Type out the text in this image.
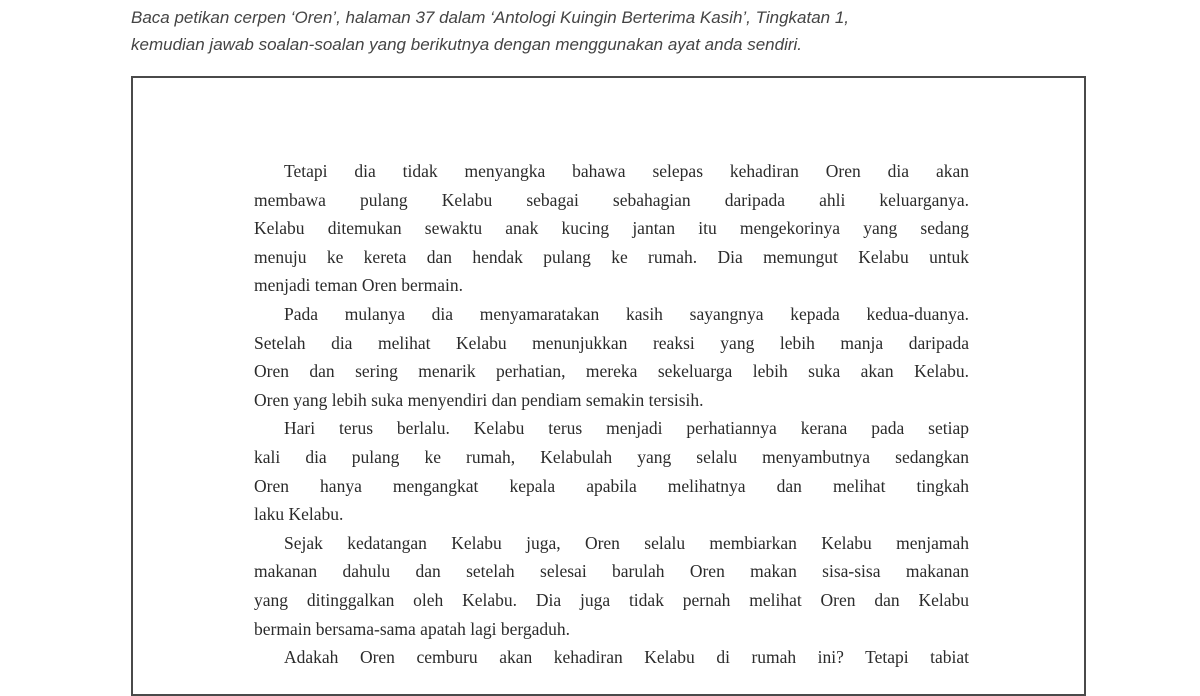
Baca petikan cerpen ‘Oren’, halaman 37 dalam ‘Antologi Kuingin Berterima Kasih’, Tingkatan 1,

kemudian jawab soalan-soalan yang berikutnya dengan menggunakan ayat anda sendiri.

Tetapi dia tidak menyangka bahawa selepas kehadiran Oren dia akan
membawa pulang Kelabu sebagai sebahagian daripada ahli keluarganya.
Kelabu ditemukan sewaktu anak kucing jantan itu mengekorinya yang sedang
menuju ke kereta dan hendak pulang ke rumah. Dia memungut Kelabu untuk
menjadi teman Oren bermain.
Pada mulanya dia menyamaratakan kasih sayangnya kepada kedua-duanya.
Setelah dia melihat Kelabu menunjukkan reaksi yang lebih manja daripada
Oren dan sering menarik perhatian, mereka sekeluarga lebih suka akan Kelabu.
Oren yang lebih suka menyendiri dan pendiam semakin tersisih.
Hari terus berlalu. Kelabu terus menjadi perhatiannya kerana pada setiap
kali dia pulang ke rumah, Kelabulah yang selalu menyambutnya sedangkan
Oren hanya mengangkat kepala apabila melihatnya dan melihat tingkah
laku Kelabu.
Sejak kedatangan Kelabu juga, Oren selalu membiarkan Kelabu menjamah
makanan dahulu dan setelah selesai barulah Oren makan sisa-sisa makanan
yang ditinggalkan oleh Kelabu. Dia juga tidak pernah melihat Oren dan Kelabu
bermain bersama-sama apatah lagi bergaduh.
Adakah Oren cemburu akan kehadiran Kelabu di rumah ini? Tetapi tabiat
